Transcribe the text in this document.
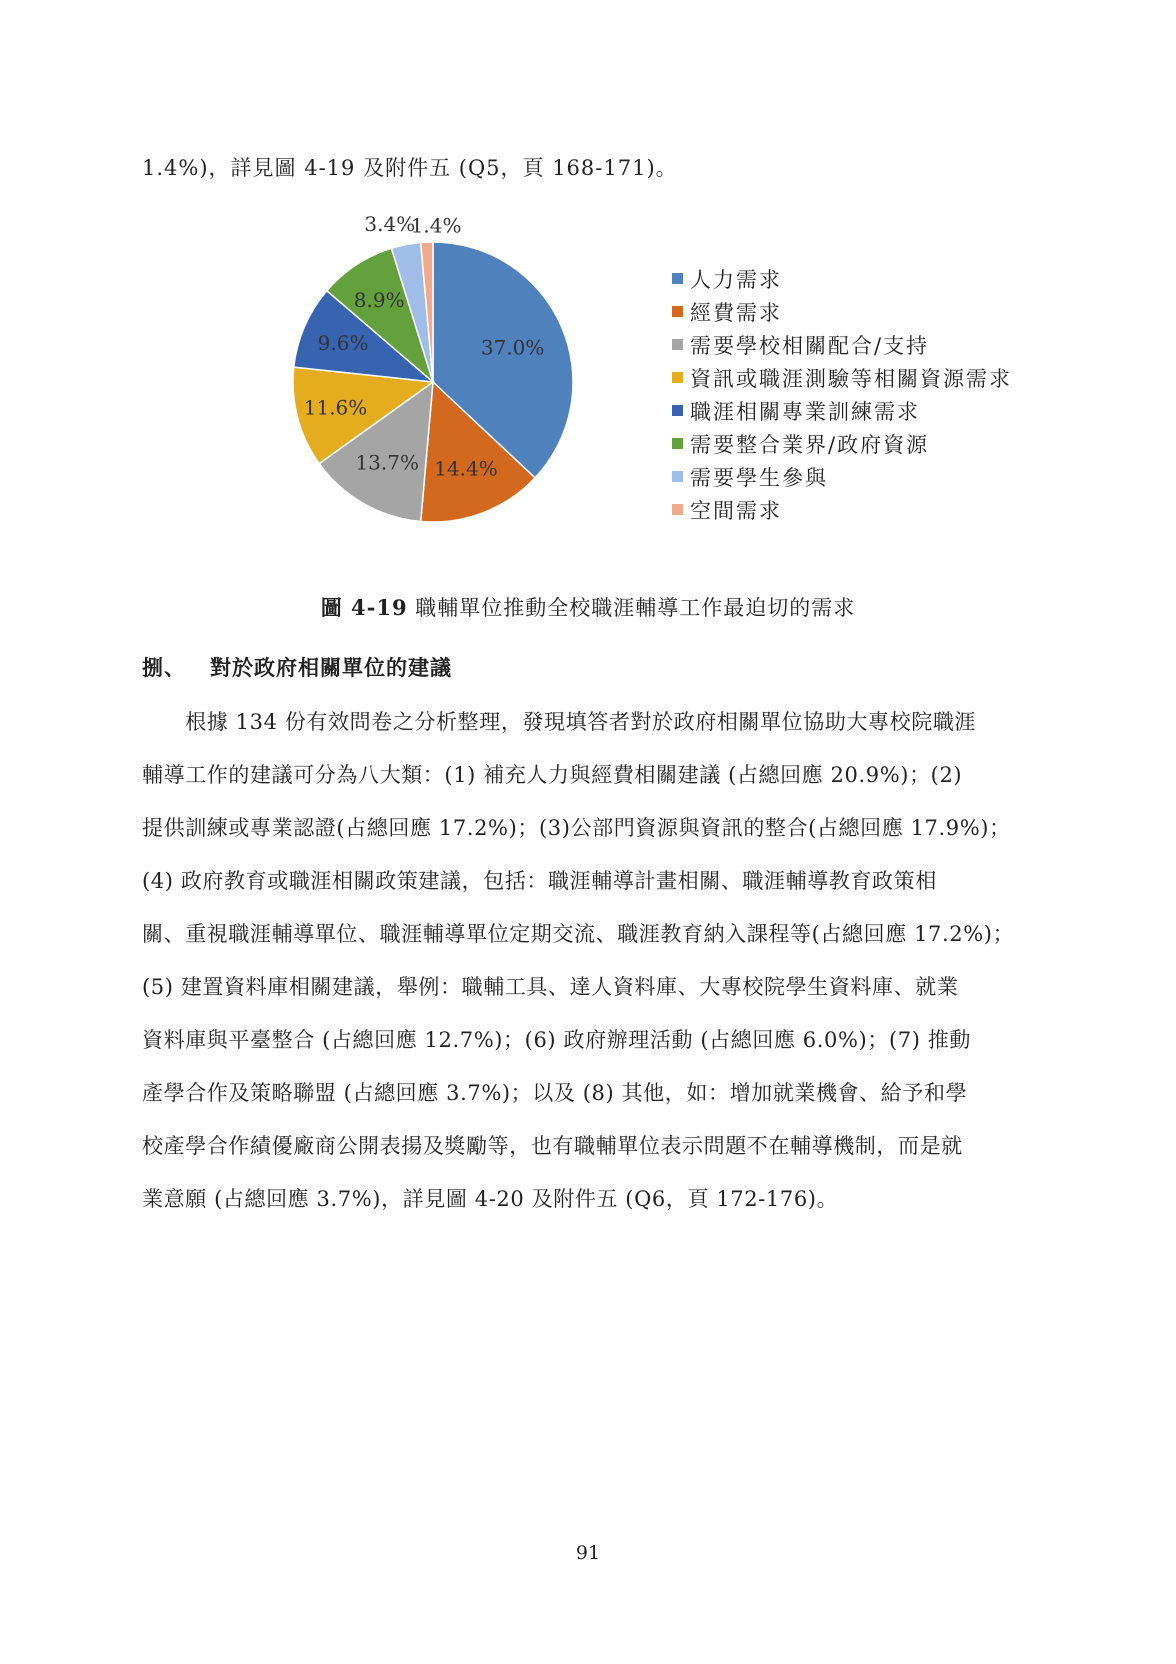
1.4%)，詳見圖 4-19 及附件五 (Q5，頁 168-171)。
37.0%
14.4%
13.7%
11.6%
9.6%
8.9%
3.4%
1.4%
人力需求
經費需求
需要學校相關配合/支持
資訊或職涯測驗等相關資源需求
職涯相關專業訓練需求
需要整合業界/政府資源
需要學生參與
空間需求
圖 4-19 職輔單位推動全校職涯輔導工作最迫切的需求
捌、 對於政府相關單位的建議
　　根據 134 份有效問卷之分析整理，發現填答者對於政府相關單位協助大專校院職涯
輔導工作的建議可分為八大類：(1) 補充人力與經費相關建議 (占總回應 20.9%)；(2)
提供訓練或專業認證(占總回應 17.2%)；(3)公部門資源與資訊的整合(占總回應 17.9%)；
(4) 政府教育或職涯相關政策建議，包括：職涯輔導計畫相關、職涯輔導教育政策相
關、重視職涯輔導單位、職涯輔導單位定期交流、職涯教育納入課程等(占總回應 17.2%)；
(5) 建置資料庫相關建議，舉例：職輔工具、達人資料庫、大專校院學生資料庫、就業
資料庫與平臺整合 (占總回應 12.7%)；(6) 政府辦理活動 (占總回應 6.0%)；(7) 推動
產學合作及策略聯盟 (占總回應 3.7%)；以及 (8) 其他，如：增加就業機會、給予和學
校產學合作績優廠商公開表揚及獎勵等，也有職輔單位表示問題不在輔導機制，而是就
業意願 (占總回應 3.7%)，詳見圖 4-20 及附件五 (Q6，頁 172-176)。
91
